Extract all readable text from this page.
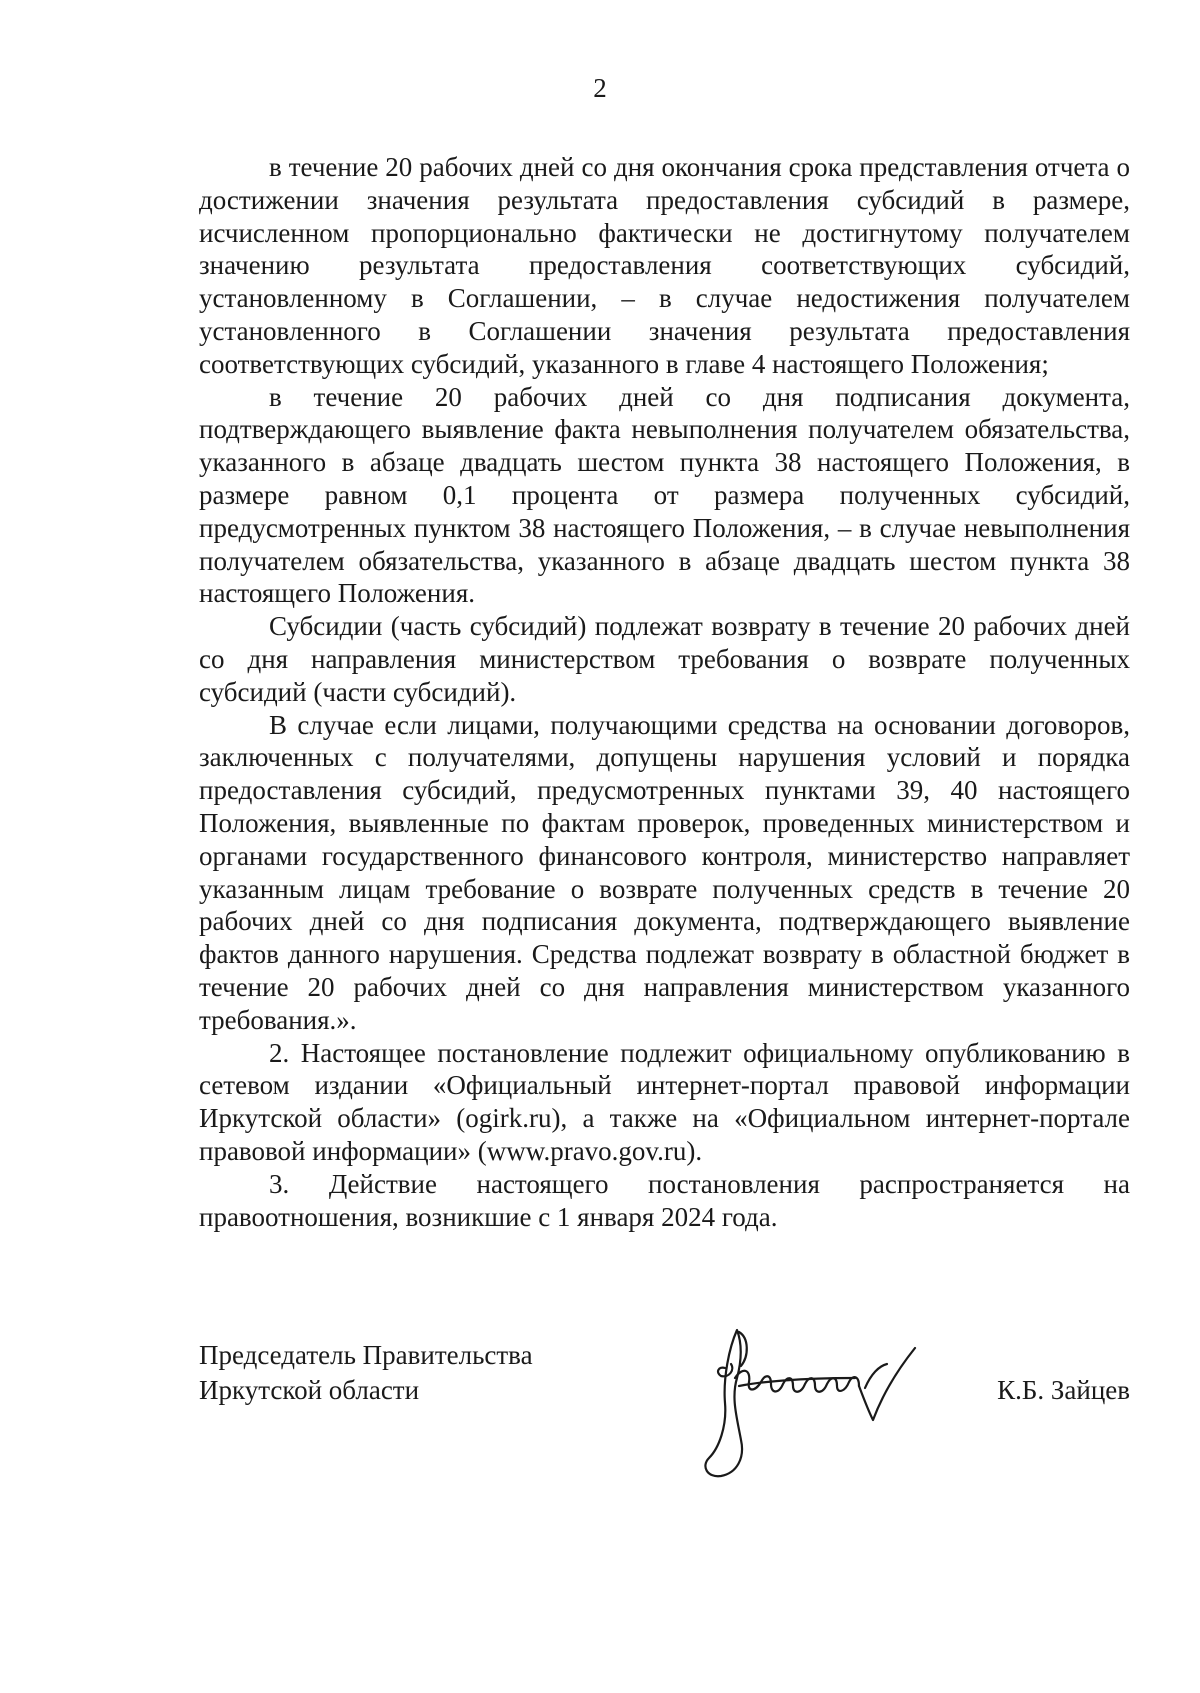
2

в течение 20 рабочих дней со дня окончания срока представления отчета о достижении значения результата предоставления субсидий в размере, исчисленном пропорционально фактически не достигнутому получателем значению результата предоставления соответствующих субсидий, установленному в Соглашении, – в случае недостижения получателем установленного в Соглашении значения результата предоставления соответствующих субсидий, указанного в главе 4 настоящего Положения;

в течение 20 рабочих дней со дня подписания документа, подтверждающего выявление факта невыполнения получателем обязательства, указанного в абзаце двадцать шестом пункта 38 настоящего Положения, в размере равном 0,1 процента от размера полученных субсидий, предусмотренных пунктом 38 настоящего Положения, – в случае невыполнения получателем обязательства, указанного в абзаце двадцать шестом пункта 38 настоящего Положения.

Субсидии (часть субсидий) подлежат возврату в течение 20 рабочих дней со дня направления министерством требования о возврате полученных субсидий (части субсидий).

В случае если лицами, получающими средства на основании договоров, заключенных с получателями, допущены нарушения условий и порядка предоставления субсидий, предусмотренных пунктами 39, 40 настоящего Положения, выявленные по фактам проверок, проведенных министерством и органами государственного финансового контроля, министерство направляет указанным лицам требование о возврате полученных средств в течение 20 рабочих дней со дня подписания документа, подтверждающего выявление фактов данного нарушения. Средства подлежат возврату в областной бюджет в течение 20 рабочих дней со дня направления министерством указанного требования.».

2. Настоящее постановление подлежит официальному опубликованию в сетевом издании «Официальный интернет-портал правовой информации Иркутской области» (ogirk.ru), а также на «Официальном интернет-портале правовой информации» (www.pravo.gov.ru).

3. Действие настоящего постановления распространяется на правоотношения, возникшие с 1 января 2024 года.

Председатель Правительства
Иркутской области	К.Б. Зайцев
